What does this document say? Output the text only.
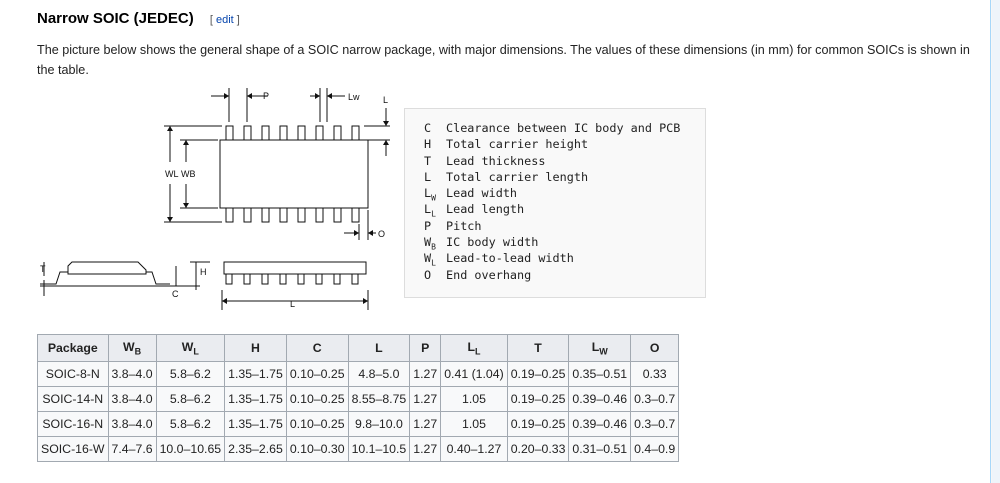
Narrow SOIC (JEDEC) [ edit ]

The picture below shows the general shape of a SOIC narrow package, with major dimensions. The values of these dimensions (in mm) for common SOICs is shown in the table.

P	Lw	L
WL WB
O
T	H
C
L
C Clearance between IC body and PCB
H Total carrier height
T Lead thickness
L Total carrier length
$L_W$ Lead width
$L_L$ Lead length
P Pitch
$W_B$ IC body width
$W_L$ Lead-to-lead width
O End overhang
Package	$W_B$	$W_L$	H	C	L	P	$L_L$	T	$L_W$	O
SOIC-8-N	3.8–4.0	5.8–6.2	1.35–1.75	0.10–0.25	4.8–5.0	1.27	0.41 (1.04)	0.19–0.25	0.35–0.51	0.33
SOIC-14-N	3.8–4.0	5.8–6.2	1.35–1.75	0.10–0.25	8.55–8.75	1.27	1.05	0.19–0.25	0.39–0.46	0.3–0.7
SOIC-16-N	3.8–4.0	5.8–6.2	1.35–1.75	0.10–0.25	9.8–10.0	1.27	1.05	0.19–0.25	0.39–0.46	0.3–0.7
SOIC-16-W	7.4–7.6	10.0–10.65	2.35–2.65	0.10–0.30	10.1–10.5	1.27	0.40–1.27	0.20–0.33	0.31–0.51	0.4–0.9
